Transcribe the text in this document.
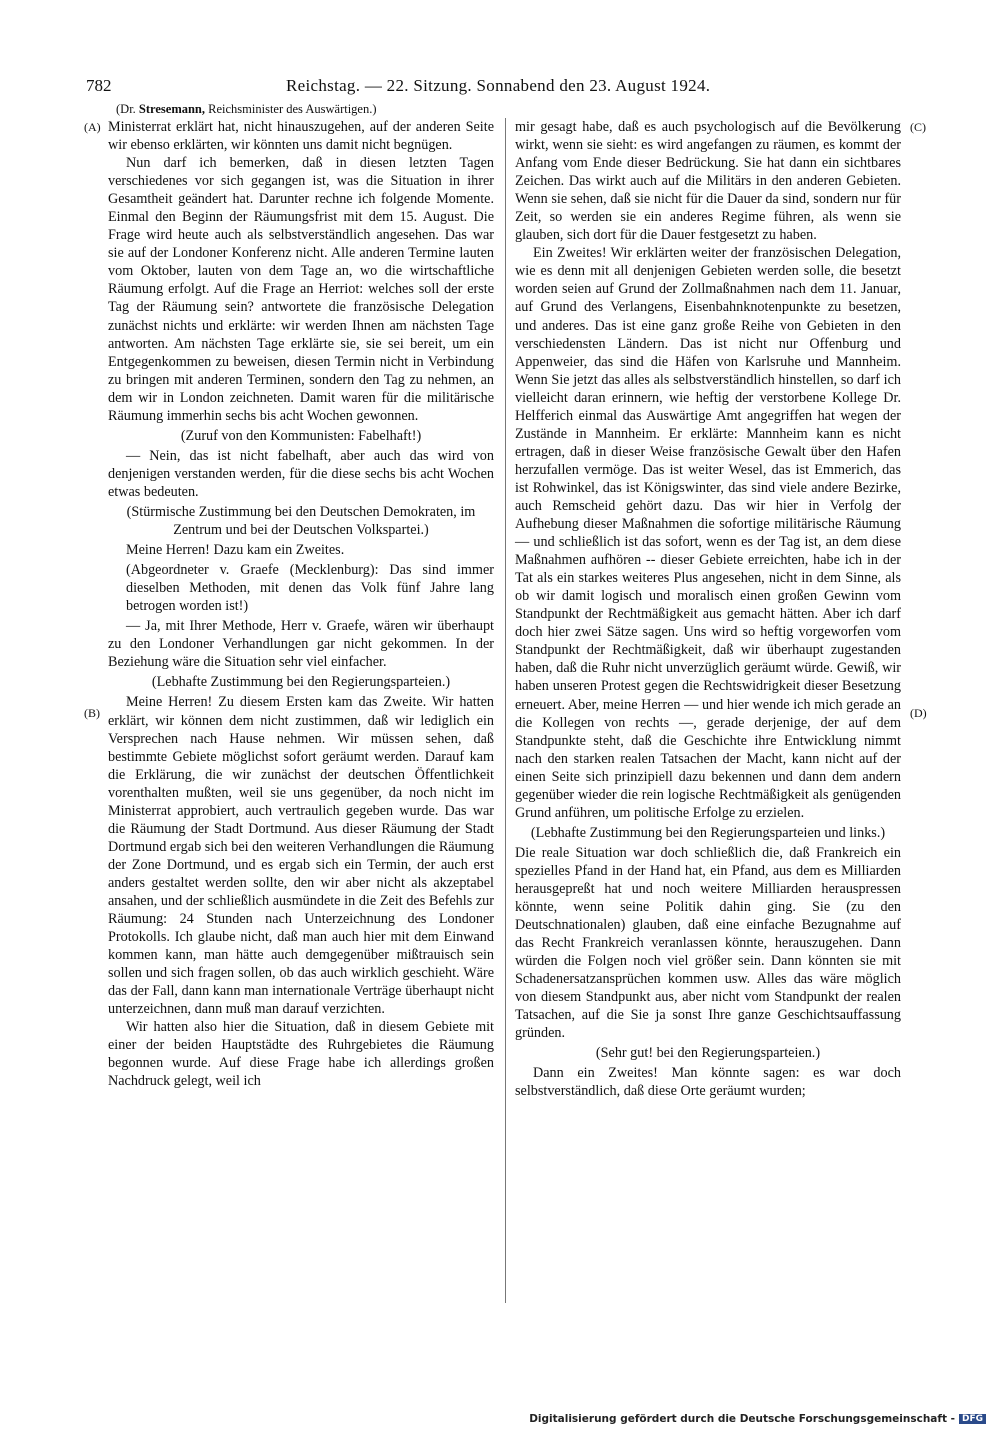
782	Reichstag. — 22. Sitzung. Sonnabend den 23. August 1924.
(Dr. Stresemann, Reichsminister des Auswärtigen.)
(A)
(B)
(C)
(D)

Ministerrat erklärt hat, nicht hinauszugehen, auf der anderen Seite wir ebenso erklärten, wir könnten uns damit nicht begnügen.

Nun darf ich bemerken, daß in diesen letzten Tagen verschiedenes vor sich gegangen ist, was die Situation in ihrer Gesamtheit geändert hat. Darunter rechne ich folgende Momente. Einmal den Beginn der Räumungsfrist mit dem 15. August. Die Frage wird heute auch als selbstverständlich angesehen. Das war sie auf der Londoner Konferenz nicht. Alle anderen Termine lauten vom Oktober, lauten von dem Tage an, wo die wirtschaftliche Räumung erfolgt. Auf die Frage an Herriot: welches soll der erste Tag der Räumung sein? antwortete die französische Delegation zunächst nichts und erklärte: wir werden Ihnen am nächsten Tage antworten. Am nächsten Tage erklärte sie, sie sei bereit, um ein Entgegenkommen zu beweisen, diesen Termin nicht in Verbindung zu bringen mit anderen Terminen, sondern den Tag zu nehmen, an dem wir in London zeichneten. Damit waren für die militärische Räumung immerhin sechs bis acht Wochen gewonnen.

(Zuruf von den Kommunisten: Fabelhaft!)

— Nein, das ist nicht fabelhaft, aber auch das wird von denjenigen verstanden werden, für die diese sechs bis acht Wochen etwas bedeuten.

(Stürmische Zustimmung bei den Deutschen Demokraten, im Zentrum und bei der Deutschen Volkspartei.)

Meine Herren! Dazu kam ein Zweites.

(Abgeordneter v. Graefe (Mecklenburg): Das sind immer dieselben Methoden, mit denen das Volk fünf Jahre lang betrogen worden ist!)

— Ja, mit Ihrer Methode, Herr v. Graefe, wären wir überhaupt zu den Londoner Verhandlungen gar nicht gekommen. In der Beziehung wäre die Situation sehr viel einfacher.

(Lebhafte Zustimmung bei den Regierungsparteien.)

Meine Herren! Zu diesem Ersten kam das Zweite. Wir hatten erklärt, wir können dem nicht zustimmen, daß wir lediglich ein Versprechen nach Hause nehmen. Wir müssen sehen, daß bestimmte Gebiete möglichst sofort geräumt werden. Darauf kam die Erklärung, die wir zunächst der deutschen Öffentlichkeit vorenthalten mußten, weil sie uns gegenüber, da noch nicht im Ministerrat approbiert, auch vertraulich gegeben wurde. Das war die Räumung der Stadt Dortmund. Aus dieser Räumung der Stadt Dortmund ergab sich bei den weiteren Verhandlungen die Räumung der Zone Dortmund, und es ergab sich ein Termin, der auch erst anders gestaltet werden sollte, den wir aber nicht als akzeptabel ansahen, und der schließlich ausmündete in die Zeit des Befehls zur Räumung: 24 Stunden nach Unterzeichnung des Londoner Protokolls. Ich glaube nicht, daß man auch hier mit dem Einwand kommen kann, man hätte auch demgegenüber mißtrauisch sein sollen und sich fragen sollen, ob das auch wirklich geschieht. Wäre das der Fall, dann kann man internationale Verträge überhaupt nicht unterzeichnen, dann muß man darauf verzichten.

Wir hatten also hier die Situation, daß in diesem Gebiete mit einer der beiden Hauptstädte des Ruhrgebietes die Räumung begonnen wurde. Auf diese Frage habe ich allerdings großen Nachdruck gelegt, weil ich

mir gesagt habe, daß es auch psychologisch auf die Bevölkerung wirkt, wenn sie sieht: es wird angefangen zu räumen, es kommt der Anfang vom Ende dieser Bedrückung. Sie hat dann ein sichtbares Zeichen. Das wirkt auch auf die Militärs in den anderen Gebieten. Wenn sie sehen, daß sie nicht für die Dauer da sind, sondern nur für Zeit, so werden sie ein anderes Regime führen, als wenn sie glauben, sich dort für die Dauer festgesetzt zu haben.

Ein Zweites! Wir erklärten weiter der französischen Delegation, wie es denn mit all denjenigen Gebieten werden solle, die besetzt worden seien auf Grund der Zollmaßnahmen nach dem 11. Januar, auf Grund des Verlangens, Eisenbahnknotenpunkte zu besetzen, und anderes. Das ist eine ganz große Reihe von Gebieten in den verschiedensten Ländern. Das ist nicht nur Offenburg und Appenweier, das sind die Häfen von Karlsruhe und Mannheim. Wenn Sie jetzt das alles als selbstverständlich hinstellen, so darf ich vielleicht daran erinnern, wie heftig der verstorbene Kollege Dr. Helfferich einmal das Auswärtige Amt angegriffen hat wegen der Zustände in Mannheim. Er erklärte: Mannheim kann es nicht ertragen, daß in dieser Weise französische Gewalt über den Hafen herzufallen vermöge. Das ist weiter Wesel, das ist Emmerich, das ist Rohwinkel, das ist Königswinter, das sind viele andere Bezirke, auch Remscheid gehört dazu. Das wir hier in Verfolg der Aufhebung dieser Maßnahmen die sofortige militärische Räumung — und schließlich ist das sofort, wenn es der Tag ist, an dem diese Maßnahmen aufhören -- dieser Gebiete erreichten, habe ich in der Tat als ein starkes weiteres Plus angesehen, nicht in dem Sinne, als ob wir damit logisch und moralisch einen großen Gewinn vom Standpunkt der Rechtmäßigkeit aus gemacht hätten. Aber ich darf doch hier zwei Sätze sagen. Uns wird so heftig vorgeworfen vom Standpunkt der Rechtmäßigkeit, daß wir überhaupt zugestanden haben, daß die Ruhr nicht unverzüglich geräumt würde. Gewiß, wir haben unseren Protest gegen die Rechtswidrigkeit dieser Besetzung erneuert. Aber, meine Herren — und hier wende ich mich gerade an die Kollegen von rechts —, gerade derjenige, der auf dem Standpunkte steht, daß die Geschichte ihre Entwicklung nimmt nach den starken realen Tatsachen der Macht, kann nicht auf der einen Seite sich prinzipiell dazu bekennen und dann dem andern gegenüber wieder die rein logische Rechtmäßigkeit als genügenden Grund anführen, um politische Erfolge zu erzielen.

(Lebhafte Zustimmung bei den Regierungsparteien und links.)

Die reale Situation war doch schließlich die, daß Frankreich ein spezielles Pfand in der Hand hat, ein Pfand, aus dem es Milliarden herausgepreßt hat und noch weitere Milliarden herauspressen könnte, wenn seine Politik dahin ging. Sie (zu den Deutschnationalen) glauben, daß eine einfache Bezugnahme auf das Recht Frankreich veranlassen könnte, herauszugehen. Dann würden die Folgen noch viel größer sein. Dann könnten sie mit Schadenersatzansprüchen kommen usw. Alles das wäre möglich von diesem Standpunkt aus, aber nicht vom Standpunkt der realen Tatsachen, auf die Sie ja sonst Ihre ganze Geschichtsauffassung gründen.

(Sehr gut! bei den Regierungsparteien.)

Dann ein Zweites! Man könnte sagen: es war doch selbstverständlich, daß diese Orte geräumt wurden;

Digitalisierung gefördert durch die Deutsche Forschungsgemeinschaft - DFG
